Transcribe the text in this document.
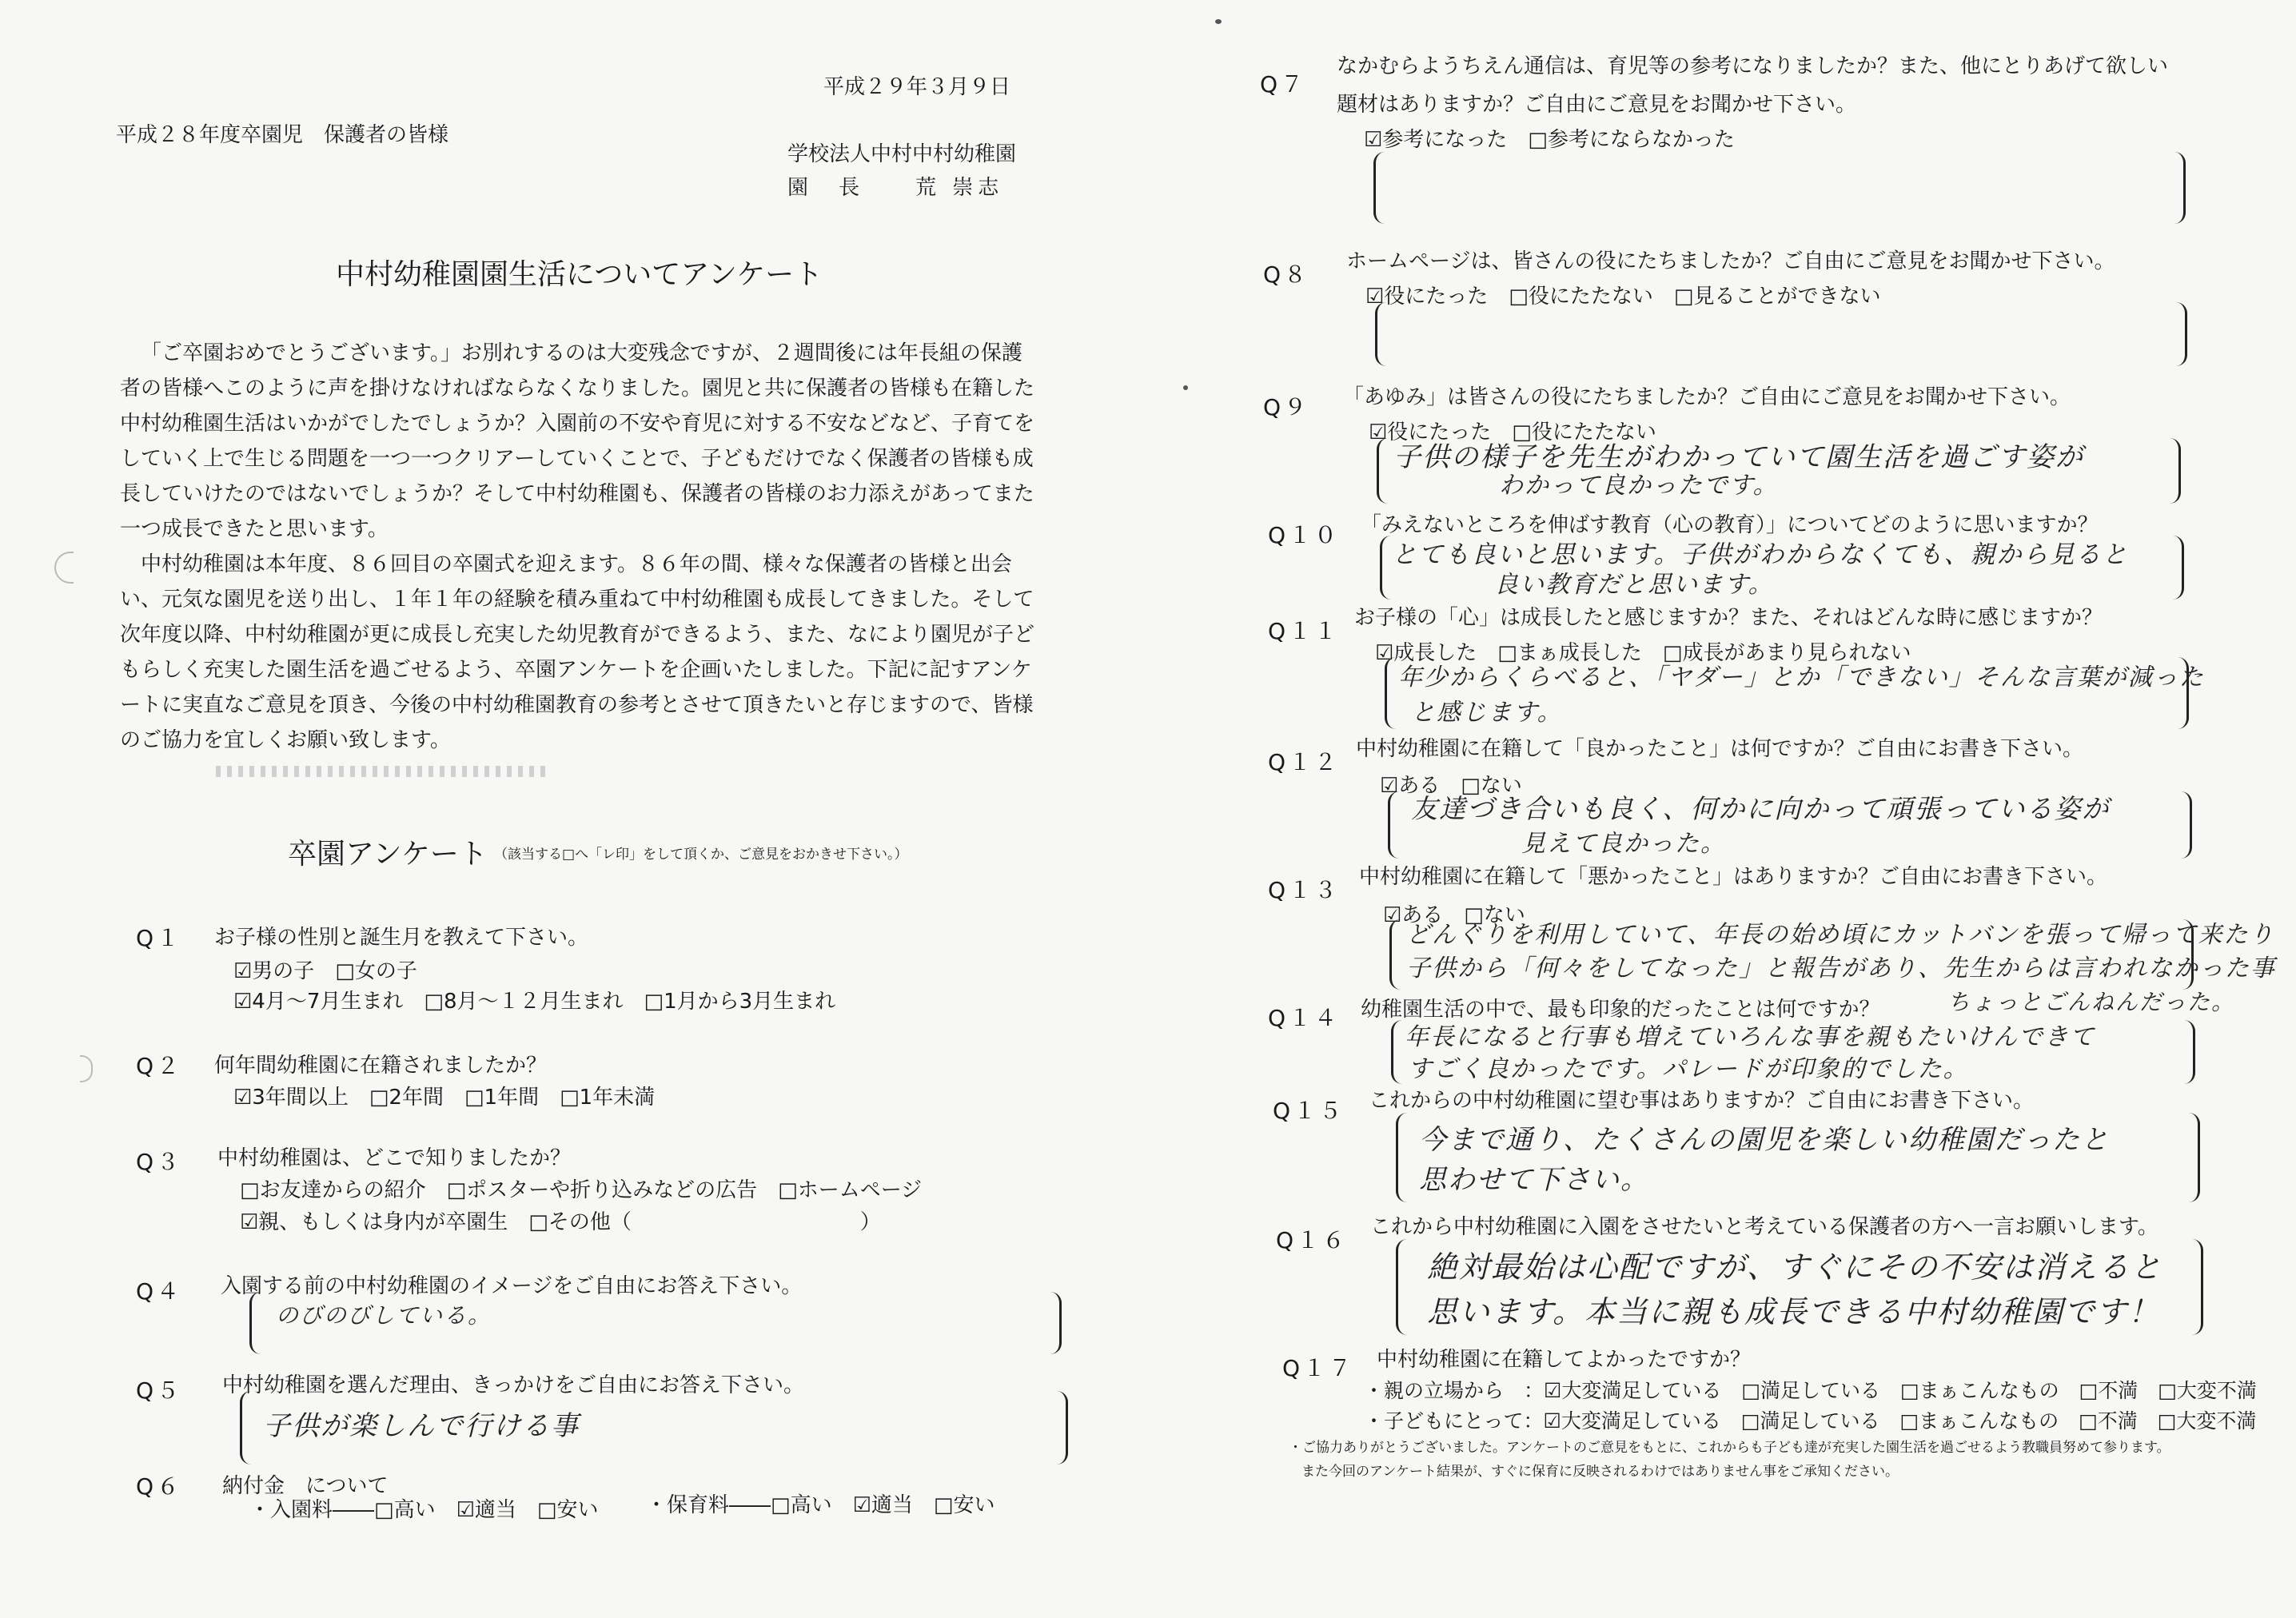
平成２９年３月９日
平成２８年度卒園児　保護者の皆様
学校法人中村中村幼稚園
園　長　　荒 崇志
中村幼稚園園生活についてアンケート

「ご卒園おめでとうございます。」お別れするのは大変残念ですが、２週間後には年長組の保護者の皆様へこのように声を掛けなければならなくなりました。園児と共に保護者の皆様も在籍した中村幼稚園生活はいかがでしたでしょうか？入園前の不安や育児に対する不安などなど、子育てをしていく上で生じる問題を一つ一つクリアーしていくことで、子どもだけでなく保護者の皆様も成長していけたのではないでしょうか？そして中村幼稚園も、保護者の皆様のお力添えがあってまた一つ成長できたと思います。

中村幼稚園は本年度、８６回目の卒園式を迎えます。８６年の間、様々な保護者の皆様と出会い、元気な園児を送り出し、１年１年の経験を積み重ねて中村幼稚園も成長してきました。そして次年度以降、中村幼稚園が更に成長し充実した幼児教育ができるよう、また、なにより園児が子どもらしく充実した園生活を過ごせるよう、卒園アンケートを企画いたしました。下記に記すアンケートに実直なご意見を頂き、今後の中村幼稚園教育の参考とさせて頂きたいと存じますので、皆様のご協力を宜しくお願い致します。

卒園アンケート （該当する□へ「レ印」をして頂くか、ご意見をおかきせ下さい。）
Q１ お子様の性別と誕生月を教えて下さい。
☑男の子　□女の子
☑4月～7月生まれ　□8月～１２月生まれ　□1月から3月生まれ
Q２ 何年間幼稚園に在籍されましたか？
☑3年間以上　□2年間　□1年間　□1年未満
Q３ 中村幼稚園は、どこで知りましたか？
□お友達からの紹介　□ポスターや折り込みなどの広告　□ホームページ
☑親、もしくは身内が卒園生　□その他（　　　　　　　　　　　）
Q４ 入園する前の中村幼稚園のイメージをご自由にお答え下さい。
のびのびしている。
Q５ 中村幼稚園を選んだ理由、きっかけをご自由にお答え下さい。
子供が楽しんで行ける事
Q６ 納付金　について
・入園料――□高い　☑適当　□安い ・保育料――□高い　☑適当　□安い
Q７
なかむらようちえん通信は、育児等の参考になりましたか？また、他にとりあげて欲しい
題材はありますか？ご自由にご意見をお聞かせ下さい。
☑参考になった　□参考にならなかった
Q８ ホームページは、皆さんの役にたちましたか？ご自由にご意見をお聞かせ下さい。
☑役にたった　□役にたたない　□見ることができない
Q９ 「あゆみ」は皆さんの役にたちましたか？ご自由にご意見をお聞かせ下さい。
☑役にたった　□役にたたない
子供の様子を先生がわかっていて園生活を過ごす姿が
わかって良かったです。
Q１０ 「みえないところを伸ばす教育（心の教育）」についてどのように思いますか？
とても良いと思います。子供がわからなくても、親から見ると
良い教育だと思います。
Q１１ お子様の「心」は成長したと感じますか？また、それはどんな時に感じますか？
☑成長した　□まぁ成長した　□成長があまり見られない
年少からくらべると、「ヤダー」とか「できない」そんな言葉が減った
と感じます。
Q１２ 中村幼稚園に在籍して「良かったこと」は何ですか？ご自由にお書き下さい。
☑ある　□ない
友達づき合いも良く、何かに向かって頑張っている姿が
見えて良かった。
Q１３ 中村幼稚園に在籍して「悪かったこと」はありますか？ご自由にお書き下さい。
☑ある　□ない
どんぐりを利用していて、年長の始め頃にカットバンを張って帰って来たり
子供から「何々をしてなった」と報告があり、先生からは言われなかった事
ちょっとごんねんだった。
Q１４ 幼稚園生活の中で、最も印象的だったことは何ですか？
年長になると行事も増えていろんな事を親もたいけんできて
すごく良かったです。パレードが印象的でした。
Q１５ これからの中村幼稚園に望む事はありますか？ご自由にお書き下さい。
今まで通り、たくさんの園児を楽しい幼稚園だったと
思わせて下さい。
Q１６ これから中村幼稚園に入園をさせたいと考えている保護者の方へ一言お願いします。
絶対最始は心配ですが、すぐにその不安は消えると
思います。本当に親も成長できる中村幼稚園です！
Q１７ 中村幼稚園に在籍してよかったですか？
・親の立場から　：☑大変満足している　□満足している　□まぁこんなもの　□不満　□大変不満
・子どもにとって：☑大変満足している　□満足している　□まぁこんなもの　□不満　□大変不満
・ご協力ありがとうございました。アンケートのご意見をもとに、これからも子ども達が充実した園生活を過ごせるよう教職員努めて参ります。
また今回のアンケート結果が、すぐに保育に反映されるわけではありません事をご承知ください。
